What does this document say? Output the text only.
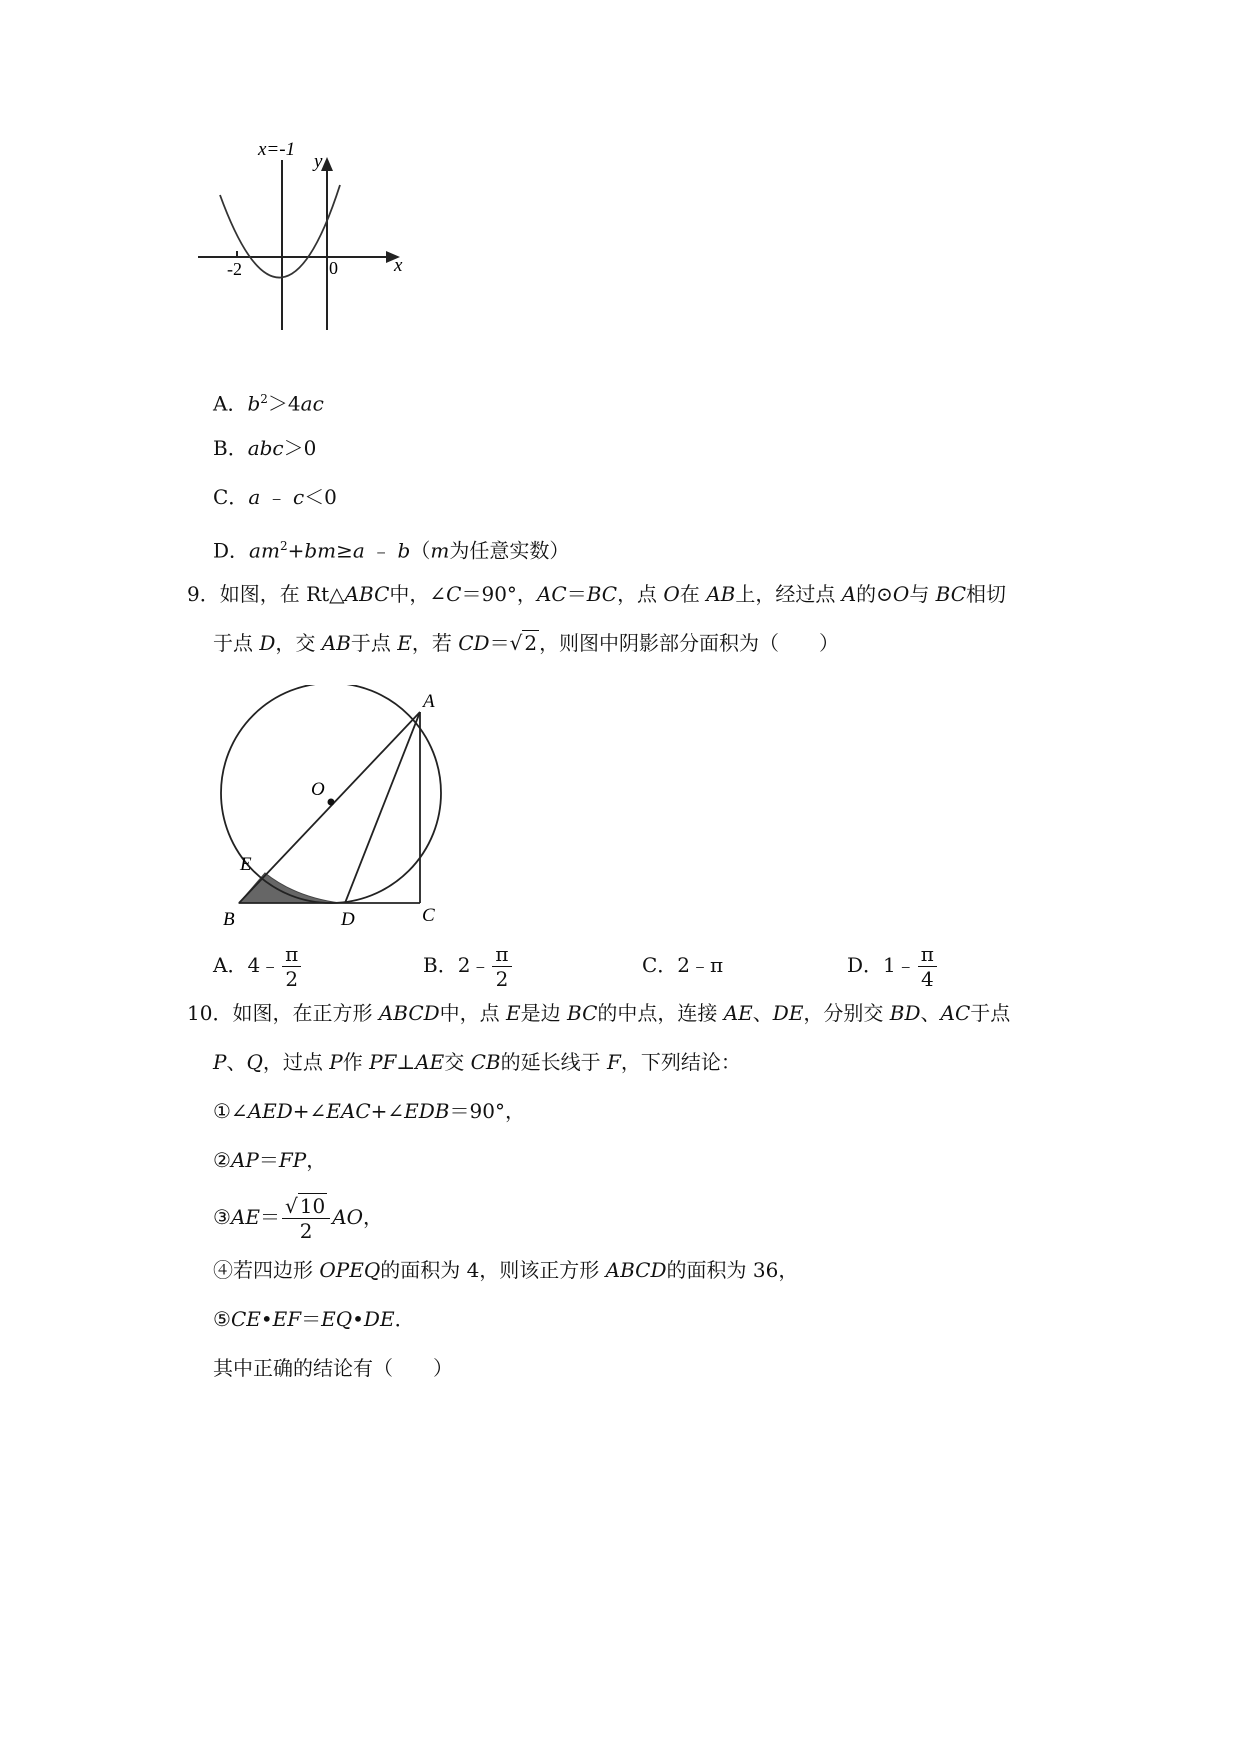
x=-1
y
x
-2	0
A．$b^2>4ac$
B．abc＞0
C．a ﹣ c＜0
D．$am^2+bm\ge a$ ﹣ b（m为任意实数）
9．如图，在 Rt△ABC中，∠C＝90°，AC＝BC，点 O在 AB上，经过点 A的⊙O与 BC相切
于点 D，交 AB于点 E，若 CD＝√ 2 ，则图中阴影部分面积为（　　）
A
O
E
B	D	C
A．4﹣ $\frac{\pi}{2}$	B．2﹣ $\frac{\pi}{2}$	C．2﹣π	D．1﹣ $\frac{\pi}{4}$
10．如图，在正方形 ABCD中，点 E是边 BC的中点，连接 AE、DE，分别交 BD、AC于点
P、Q，过点 P作 PF⊥AE交 CB的延长线于 F，下列结论：
①∠AED+∠EAC+∠EDB＝90°，
②AP＝FP，
③AE＝ $\frac{√ 10}{2}$ AO，
④若四边形 OPEQ的面积为 4，则该正方形 ABCD的面积为 36，
⑤CE•EF＝EQ•DE．
其中正确的结论有（　　）
